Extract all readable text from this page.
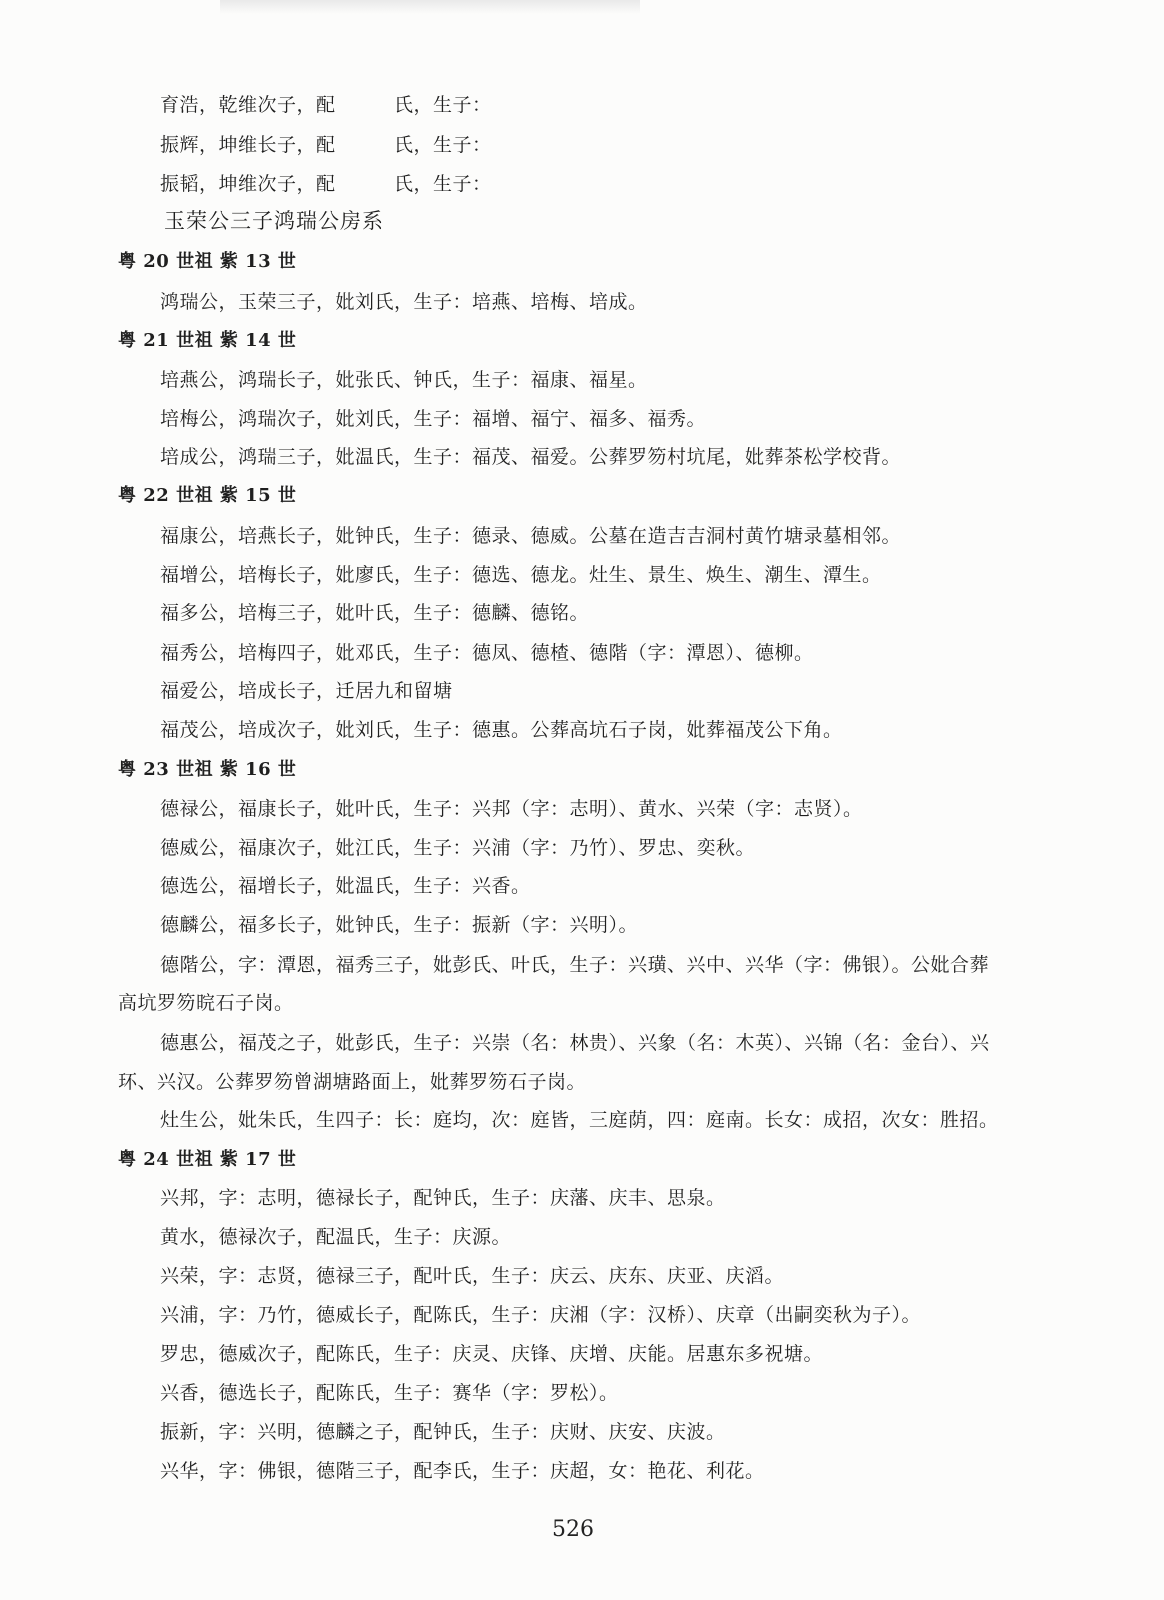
育浩，乾维次子，配　　　氏，生子：
振辉，坤维长子，配　　　氏，生子：
振韬，坤维次子，配　　　氏，生子：
玉荣公三子鸿瑞公房系
粤 20 世祖 紫 13 世
鸿瑞公，玉荣三子，妣刘氏，生子：培燕、培梅、培成。
粤 21 世祖 紫 14 世
培燕公，鸿瑞长子，妣张氏、钟氏，生子：福康、福星。
培梅公，鸿瑞次子，妣刘氏，生子：福增、福宁、福多、福秀。
培成公，鸿瑞三子，妣温氏，生子：福茂、福爱。公葬罗笏村坑尾，妣葬茶松学校背。
粤 22 世祖 紫 15 世
福康公，培燕长子，妣钟氏，生子：德录、德威。公墓在造吉吉洞村黄竹塘录墓相邻。
福增公，培梅长子，妣廖氏，生子：德选、德龙。灶生、景生、焕生、潮生、潭生。
福多公，培梅三子，妣叶氏，生子：德麟、德铭。
福秀公，培梅四子，妣邓氏，生子：德凤、德楂、德階（字：潭恩）、德柳。
福爱公，培成长子，迁居九和留塘
福茂公，培成次子，妣刘氏，生子：德惠。公葬高坑石子岗，妣葬福茂公下角。
粤 23 世祖 紫 16 世
德禄公，福康长子，妣叶氏，生子：兴邦（字：志明）、黄水、兴荣（字：志贤）。
德威公，福康次子，妣江氏，生子：兴浦（字：乃竹）、罗忠、奕秋。
德选公，福增长子，妣温氏，生子：兴香。
德麟公，福多长子，妣钟氏，生子：振新（字：兴明）。
德階公，字：潭恩，福秀三子，妣彭氏、叶氏，生子：兴璜、兴中、兴华（字：佛银）。公妣合葬
高坑罗笏晥石子岗。
德惠公，福茂之子，妣彭氏，生子：兴崇（名：林贵）、兴象（名：木英）、兴锦（名：金台）、兴
环、兴汉。公葬罗笏曾湖塘路面上，妣葬罗笏石子岗。
灶生公，妣朱氏，生四子：长：庭均，次：庭皆，三庭荫，四：庭南。长女：成招，次女：胜招。
粤 24 世祖 紫 17 世
兴邦，字：志明，德禄长子，配钟氏，生子：庆藩、庆丰、思泉。
黄水，德禄次子，配温氏，生子：庆源。
兴荣，字：志贤，德禄三子，配叶氏，生子：庆云、庆东、庆亚、庆滔。
兴浦，字：乃竹，德威长子，配陈氏，生子：庆湘（字：汉桥）、庆章（出嗣奕秋为子）。
罗忠，德威次子，配陈氏，生子：庆灵、庆锋、庆增、庆能。居惠东多祝塘。
兴香，德选长子，配陈氏，生子：赛华（字：罗松）。
振新，字：兴明，德麟之子，配钟氏，生子：庆财、庆安、庆波。
兴华，字：佛银，德階三子，配李氏，生子：庆超，女：艳花、利花。
526
